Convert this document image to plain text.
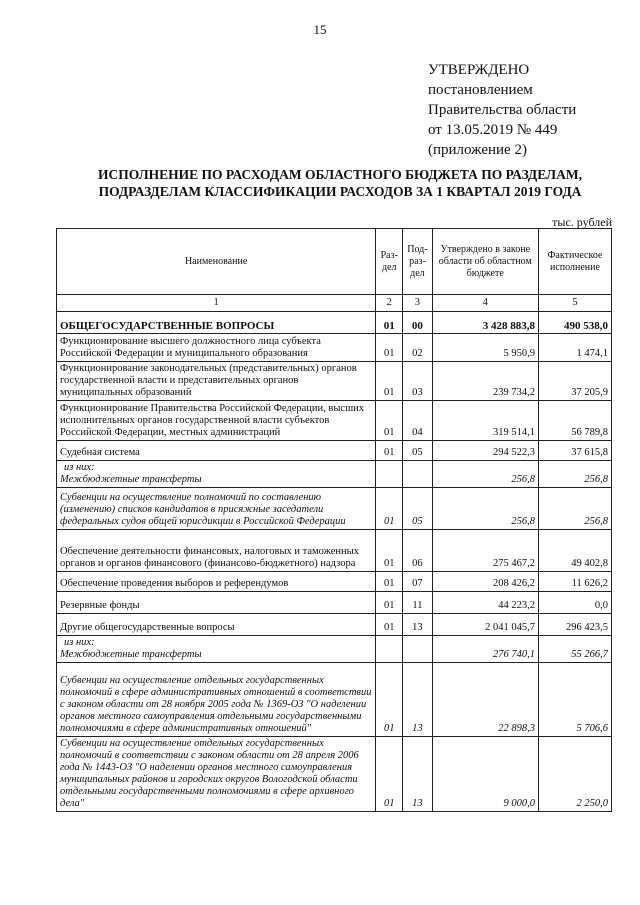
15
УТВЕРЖДЕНО
постановлением
Правительства области
от 13.05.2019 № 449
(приложение 2)
ИСПОЛНЕНИЕ ПО РАСХОДАМ ОБЛАСТНОГО БЮДЖЕТА ПО РАЗДЕЛАМ,
ПОДРАЗДЕЛАМ КЛАССИФИКАЦИИ РАСХОДОВ ЗА 1 КВАРТАЛ 2019 ГОДА
тыс. рублей
Наименование	Раз-дел	Под-раз-дел	Утверждено в законе области об областном бюджете	Фактическое исполнение
1	2	3	4	5
ОБЩЕГОСУДАРСТВЕННЫЕ ВОПРОСЫ	01	00	3 428 883,8	490 538,0
Функционирование высшего должностного лица субъекта Российской Федерации и муниципального образования	01	02	5 950,9	1 474,1
Функционирование законодательных (представительных) органов государственной власти и представительных органов муниципальных образований	01	03	239 734,2	37 205,9
Функционирование Правительства Российской Федерации, высших исполнительных органов государственной власти субъектов Российской Федерации, местных администраций	01	04	319 514,1	56 789,8
Судебная система	01	05	294 522,3	37 615,8

из них:
Межбюджетные трансферты			256,8	256,8
Субвенции на осуществление полномочий по составлению (изменению) списков кандидатов в присяжные заседатели федеральных судов общей юрисдикции в Российской Федерации	01	05	256,8	256,8
Обеспечение деятельности финансовых, налоговых и таможенных органов и органов финансового (финансово-бюджетного) надзора	01	06	275 467,2	49 402,8
Обеспечение проведения выборов и референдумов	01	07	208 426,2	11 626,2
Резервные фонды	01	11	44 223,2	0,0
Другие общегосударственные вопросы	01	13	2 041 045,7	296 423,5

из них:
Межбюджетные трансферты			276 740,1	55 266,7
Субвенции на осуществление отдельных государственных полномочий в сфере административных отношений в соответствии с законом области от 28 ноября 2005 года № 1369-ОЗ "О наделении органов местного самоуправления отдельными государственными полномочиями в сфере административных отношений"	01	13	22 898,3	5 706,6
Субвенции на осуществление отдельных государственных полномочий в соответствии с законом области от 28 апреля 2006 года № 1443-ОЗ "О наделении органов местного самоуправления муниципальных районов и городских округов Вологодской области отдельными государственными полномочиями в сфере архивного дела"	01	13	9 000,0	2 250,0
